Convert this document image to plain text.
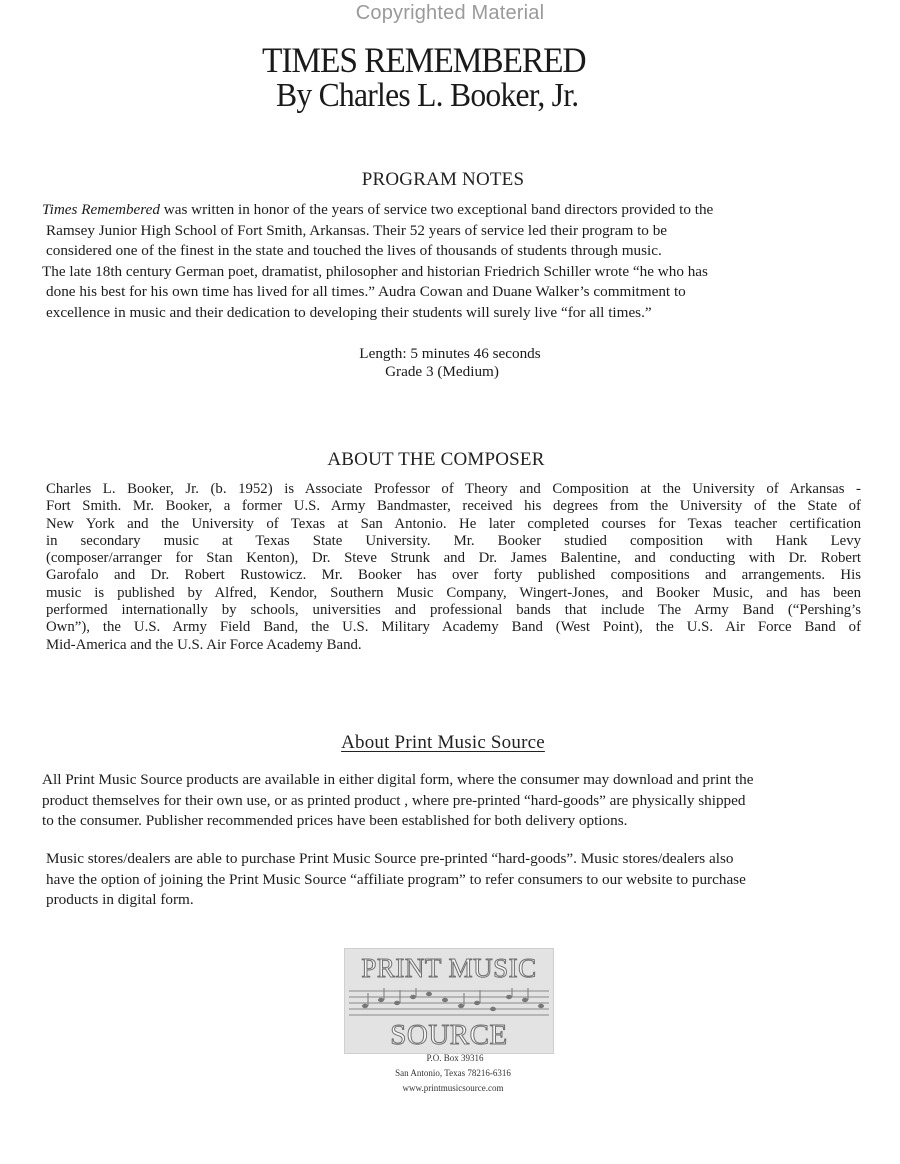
Copyrighted Material
TIMES REMEMBERED
By Charles L. Booker, Jr.
PROGRAM NOTES
Times Remembered was written in honor of the years of service two exceptional band directors provided to the
Ramsey Junior High School of Fort Smith, Arkansas. Their 52 years of service led their program to be
considered one of the finest in the state and touched the lives of thousands of students through music.
The late 18th century German poet, dramatist, philosopher and historian Friedrich Schiller wrote “he who has
done his best for his own time has lived for all times.” Audra Cowan and Duane Walker’s commitment to
excellence in music and their dedication to developing their students will surely live “for all times.”
Length: 5 minutes 46 seconds
Grade 3 (Medium)
ABOUT THE COMPOSER
Charles L. Booker, Jr. (b. 1952) is Associate Professor of Theory and Composition at the University of Arkansas -
Fort Smith. Mr. Booker, a former U.S. Army Bandmaster, received his degrees from the University of the State of
New York and the University of Texas at San Antonio. He later completed courses for Texas teacher certification
in secondary music at Texas State University. Mr. Booker studied composition with Hank Levy
(composer/arranger for Stan Kenton), Dr. Steve Strunk and Dr. James Balentine, and conducting with Dr. Robert
Garofalo and Dr. Robert Rustowicz. Mr. Booker has over forty published compositions and arrangements. His
music is published by Alfred, Kendor, Southern Music Company, Wingert-Jones, and Booker Music, and has been
performed internationally by schools, universities and professional bands that include The Army Band (“Pershing’s
Own”), the U.S. Army Field Band, the U.S. Military Academy Band (West Point), the U.S. Air Force Band of
Mid-America and the U.S. Air Force Academy Band.
About Print Music Source
All Print Music Source products are available in either digital form, where the consumer may download and print the
product themselves for their own use, or as printed product , where pre-printed “hard-goods” are physically shipped
to the consumer. Publisher recommended prices have been established for both delivery options.
Music stores/dealers are able to purchase Print Music Source pre-printed “hard-goods”. Music stores/dealers also
have the option of joining the Print Music Source “affiliate program” to refer consumers to our website to purchase
products in digital form.
PRINT MUSIC
SOURCE
P.O. Box 39316
San Antonio, Texas 78216-6316
www.printmusicsource.com
